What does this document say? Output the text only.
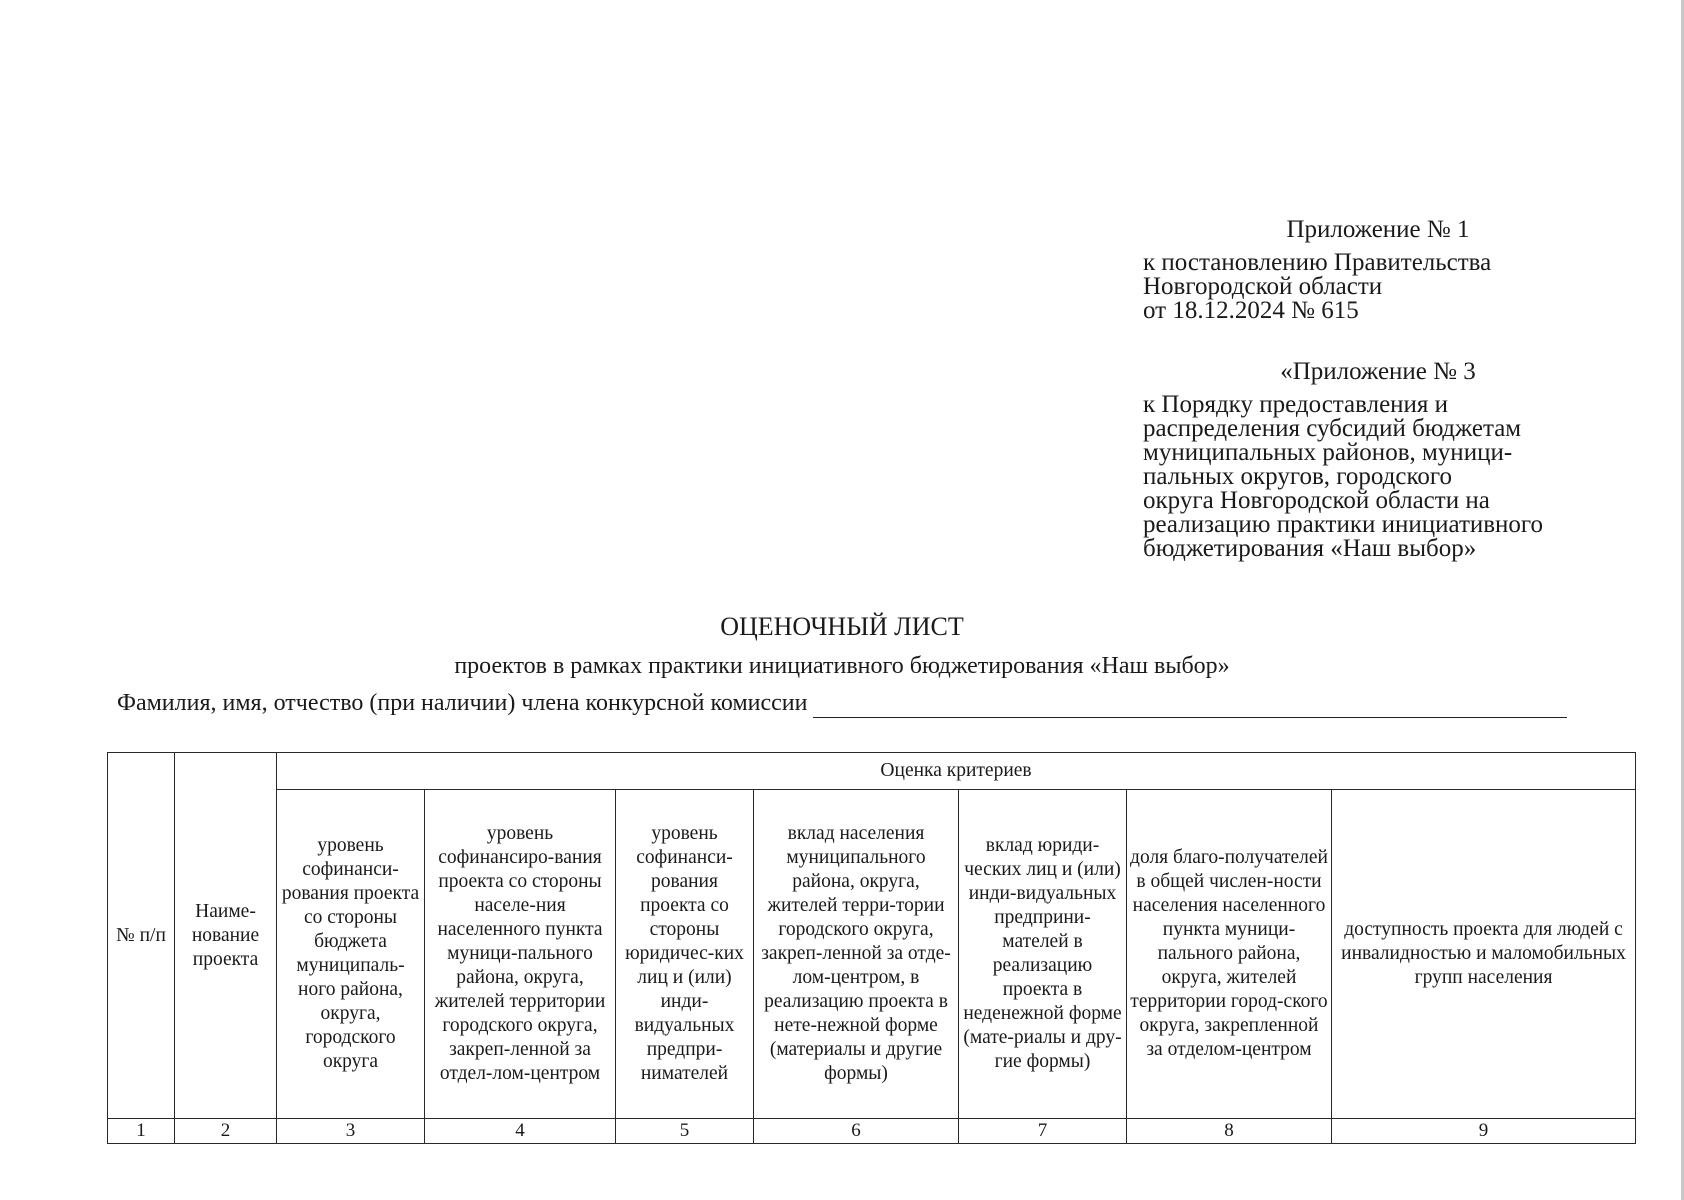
Приложение № 1
к постановлению Правительства
Новгородской области
от 18.12.2024 № 615
«Приложение № 3
к Порядку предоставления и
распределения субсидий бюджетам
муниципальных районов, муници-
пальных округов, городского
округа Новгородской области на
реализацию практики инициативного
бюджетирования «Наш выбор»
ОЦЕНОЧНЫЙ ЛИСТ
проектов в рамках практики инициативного бюджетирования «Наш выбор»
Фамилия, имя, отчество (при наличии) члена конкурсной комиссии
№ п/п	Наиме-нование проекта	Оценка критериев						
		уровень софинанси-рования проекта со стороны бюджета муниципаль-ного района, округа, городского округа	уровень софинансиро-вания проекта со стороны населе-ния населенного пункта муници-пального района, округа, жителей территории городского округа, закреп-ленной за отдел-лом-центром	уровень софинанси-рования проекта со стороны юридичес-ких лиц и (или) инди-видуальных предпри-нимателей	вклад населения муниципального района, округа, жителей терри-тории городского округа, закреп-ленной за отде-лом-центром, в реализацию проекта в нете-нежной форме (материалы и другие формы)	вклад юриди-ческих лиц и (или) инди-видуальных предприни-мателей в реализацию проекта в неденежной форме (мате-риалы и дру-гие формы)	доля благо-получателей в общей числен-ности населения населенного пункта муници-пального района, округа, жителей территории город-ского округа, закрепленной за отделом-центром	доступность проекта для людей с инвалидностью и маломобильных групп населения
1	2	3	4	5	6	7	8	9
